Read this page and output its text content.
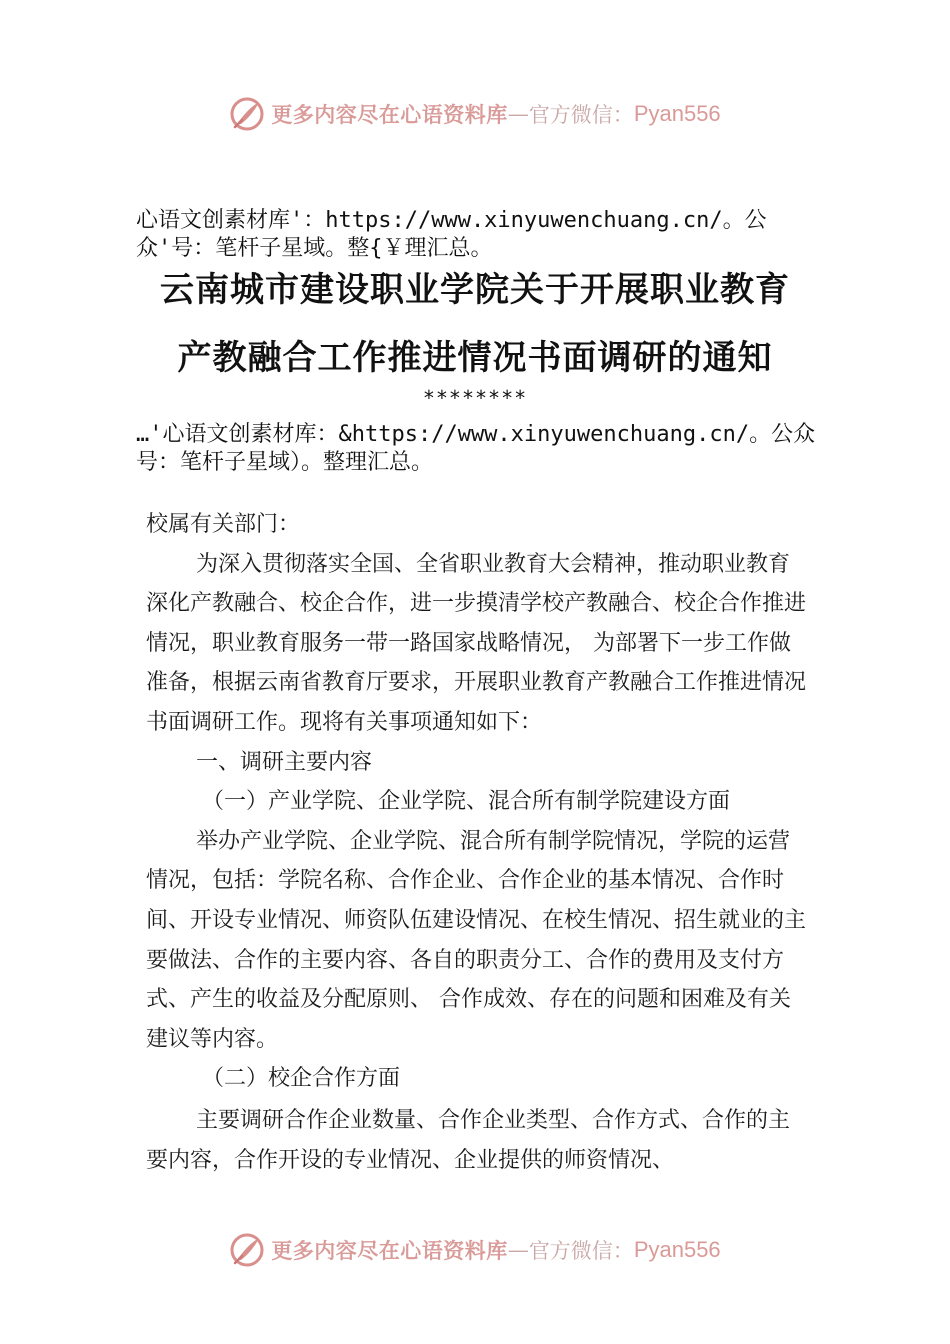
更多内容尽在心语资料库 — 官方微信： Pyan556

心语文创素材库'：https://www.xinyuwenchuang.cn/。公众'号：笔杆子星域。整{￥理汇总。

云南城市建设职业学院关于开展职业教育
产教融合工作推进情况书面调研的通知
********

…'心语文创素材库：&https://www.xinyuwenchuang.cn/。公众号：笔杆子星域）。整理汇总。

校属有关部门：

为深入贯彻落实全国、全省职业教育大会精神，推动职业教育深化产教融合、校企合作，进一步摸清学校产教融合、校企合作推进情况，职业教育服务一带一路国家战略情况， 为部署下一步工作做准备，根据云南省教育厅要求，开展职业教育产教融合工作推进情况书面调研工作。现将有关事项通知如下：

一、调研主要内容

（一）产业学院、企业学院、混合所有制学院建设方面

举办产业学院、企业学院、混合所有制学院情况，学院的运营情况，包括：学院名称、合作企业、合作企业的基本情况、合作时间、开设专业情况、师资队伍建设情况、在校生情况、招生就业的主要做法、合作的主要内容、各自的职责分工、合作的费用及支付方式、产生的收益及分配原则、 合作成效、存在的问题和困难及有关建议等内容。

（二）校企合作方面

主要调研合作企业数量、合作企业类型、合作方式、合作的主要内容，合作开设的专业情况、企业提供的师资情况、

更多内容尽在心语资料库 — 官方微信： Pyan556
